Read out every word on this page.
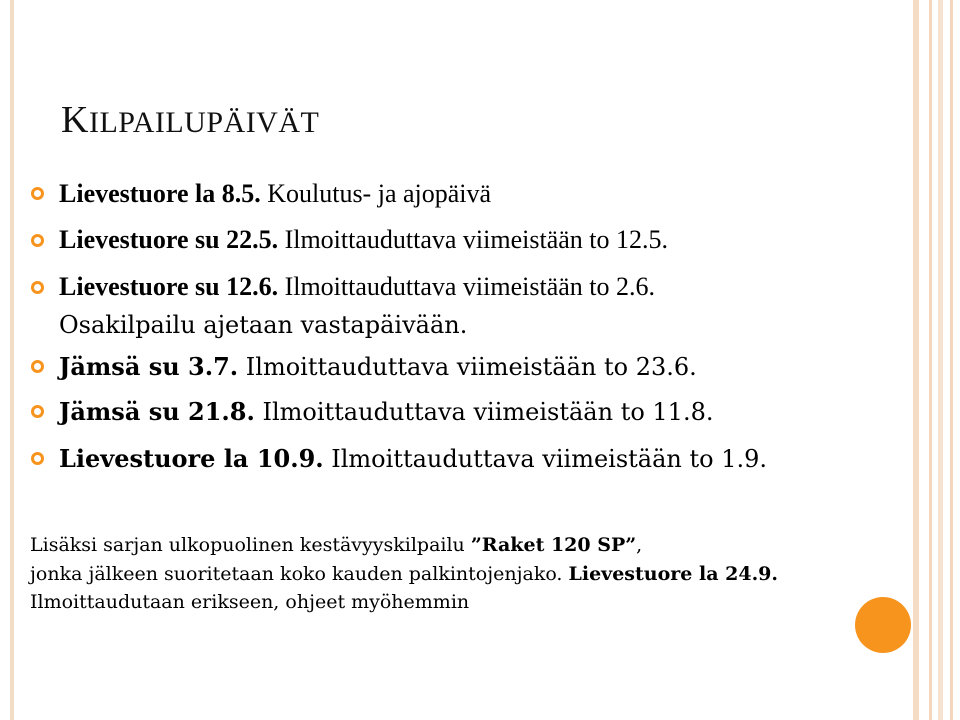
KILPAILUPÄIVÄT
Lievestuore la 8.5. Koulutus- ja ajopäivä
Lievestuore su 22.5. Ilmoittauduttava viimeistään to 12.5.
Lievestuore su 12.6. Ilmoittauduttava viimeistään to 2.6.
Osakilpailu ajetaan vastapäivään.
Jämsä su 3.7. Ilmoittauduttava viimeistään to 23.6.
Jämsä su 21.8. Ilmoittauduttava viimeistään to 11.8.
Lievestuore la 10.9. Ilmoittauduttava viimeistään to 1.9.
Lisäksi sarjan ulkopuolinen kestävyyskilpailu ”Raket 120 SP”,
jonka jälkeen suoritetaan koko kauden palkintojenjako. Lievestuore la 24.9.
Ilmoittaudutaan erikseen, ohjeet myöhemmin
